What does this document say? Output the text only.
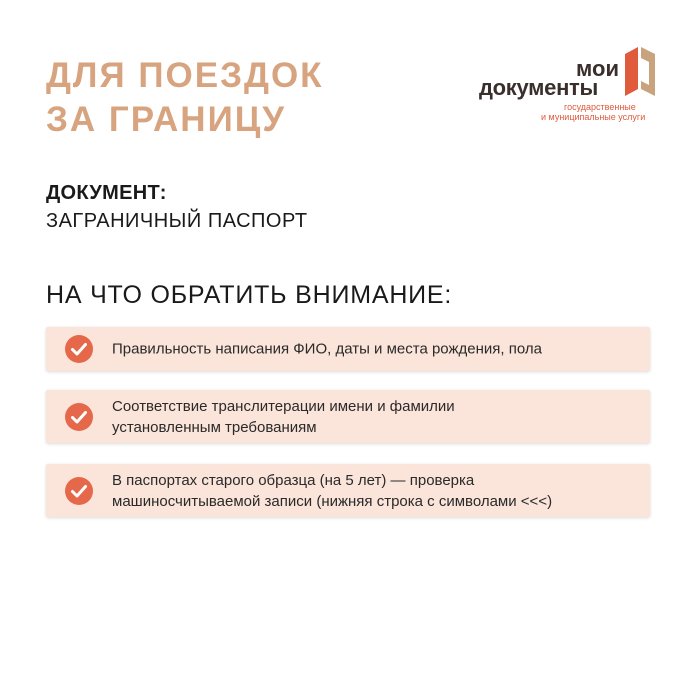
ДЛЯ ПОЕЗДОК
ЗА ГРАНИЦУ
мои
документы
государственные
и муниципальные услуги
ДОКУМЕНТ:
ЗАГРАНИЧНЫЙ ПАСПОРТ
НА ЧТО ОБРАТИТЬ ВНИМАНИЕ:
Правильность написания ФИО, даты и места рождения, пола
Соответствие транслитерации имени и фамилии
установленным требованиям
В паспортах старого образца (на 5 лет) — проверка
машиносчитываемой записи (нижняя строка с символами <<<)
